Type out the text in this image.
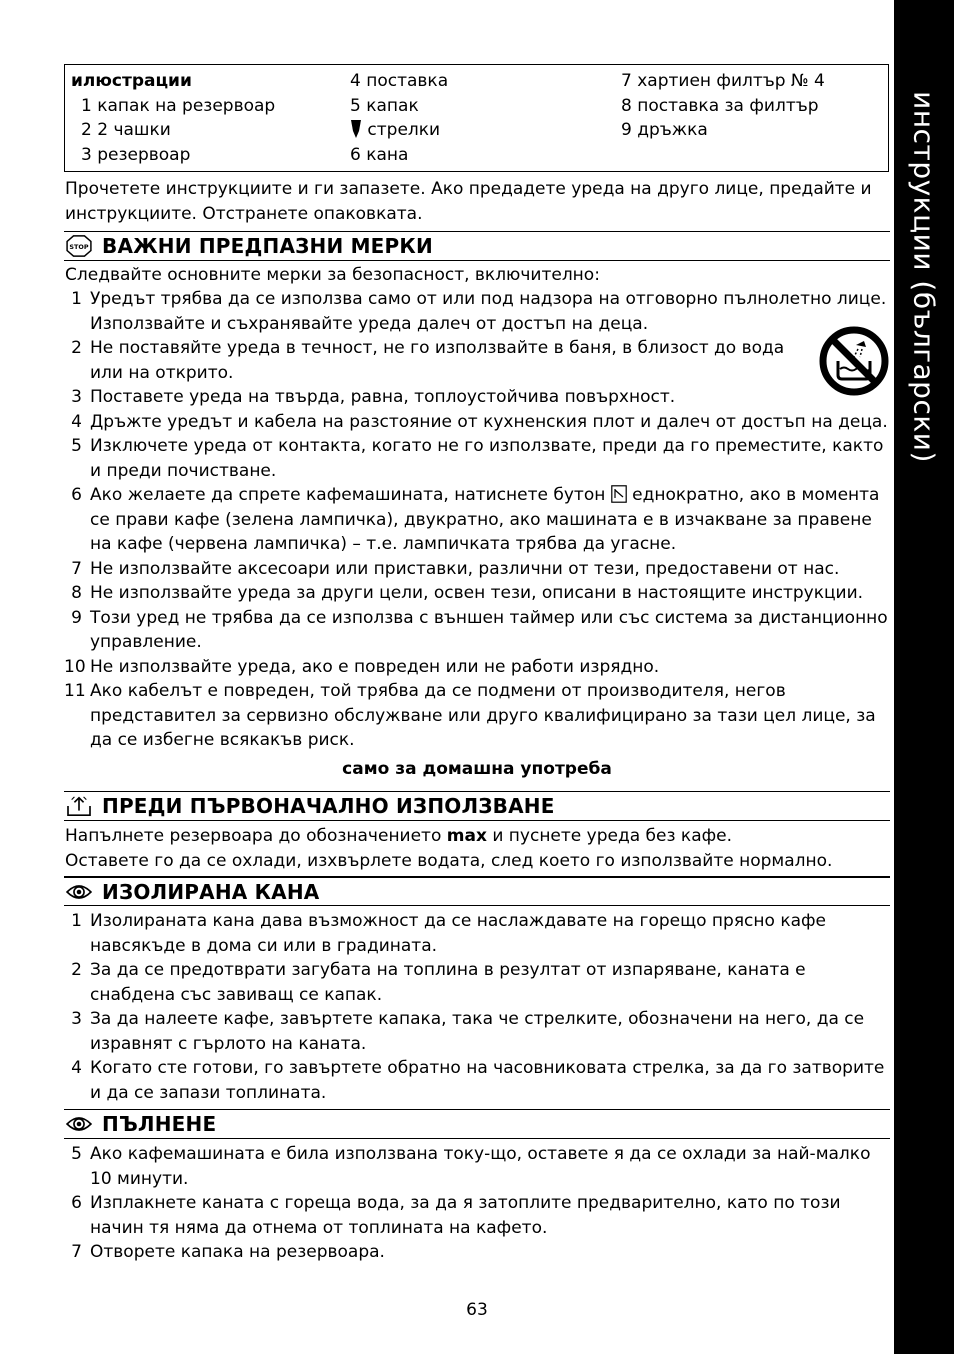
инструкции (български)
илюстрации
1 капак на резервоар
2 2 чашки
3 резервоар
4 поставка
5 капак
стрелки
6 кана
7 хартиен филтър № 4
8 поставка за филтър
9 дръжка
Прочетете инструкциите и ги запазете. Ако предадете уреда на друго лице, предайте и инструкциите. Отстранете опаковката.
STOP ВАЖНИ ПРЕДПАЗНИ МЕРКИ
Следвайте основните мерки за безопасност, включително:
1 Уредът трябва да се използва само от или под надзора на отговорно пълнолетно лице. Използвайте и съхранявайте уреда далеч от достъп на деца.
2 Не поставяйте уреда в течност, не го използвайте в баня, в близост до вода или на открито.
3 Поставете уреда на твърда, равна, топлоустойчива повърхност.
4 Дръжте уредът и кабела на разстояние от кухненския плот и далеч от достъп на деца.
5 Изключете уреда от контакта, когато не го използвате, преди да го преместите, както и преди почистване.
6 Ако желаете да спрете кафемашината, натиснете бутон еднократно, ако в момента се прави кафе (зелена лампичка), двукратно, ако машината е в изчакване за правене на кафе (червена лампичка) – т.е. лампичката трябва да угасне.
7 Не използвайте аксесоари или приставки, различни от тези, предоставени от нас.
8 Не използвайте уреда за други цели, освен тези, описани в настоящите инструкции.
9 Този уред не трябва да се използва с външен таймер или със система за дистанционно управление.
10 Не използвайте уреда, ако е повреден или не работи изрядно.
11 Ако кабелът е повреден, той трябва да се подмени от производителя, негов представител за сервизно обслужване или друго квалифицирано за тази цел лице, за да се избегне всякакъв риск.
само за домашна употреба
ПРЕДИ ПЪРВОНАЧАЛНО ИЗПОЛЗВАНЕ
Напълнете резервоара до обозначението max и пуснете уреда без кафе.
Оставете го да се охлади, изхвърлете водата, след което го използвайте нормално.
ИЗОЛИРАНА КАНА
1 Изолираната кана дава възможност да се наслаждавате на горещо прясно кафе навсякъде в дома си или в градината.
2 За да се предотврати загубата на топлина в резултат от изпаряване, каната е снабдена със завиващ се капак.
3 За да налеете кафе, завъртете капака, така че стрелките, обозначени на него, да се изравнят с гърлото на каната.
4 Когато сте готови, го завъртете обратно на часовниковата стрелка, за да го затворите и да се запази топлината.
ПЪЛНЕНЕ
5 Ако кафемашината е била използвана току-що, оставете я да се охлади за най-малко 10 минути.
6 Изплакнете каната с гореща вода, за да я затоплите предварително, като по този начин тя няма да отнема от топлината на кафето.
7 Отворете капака на резервоара.
63
